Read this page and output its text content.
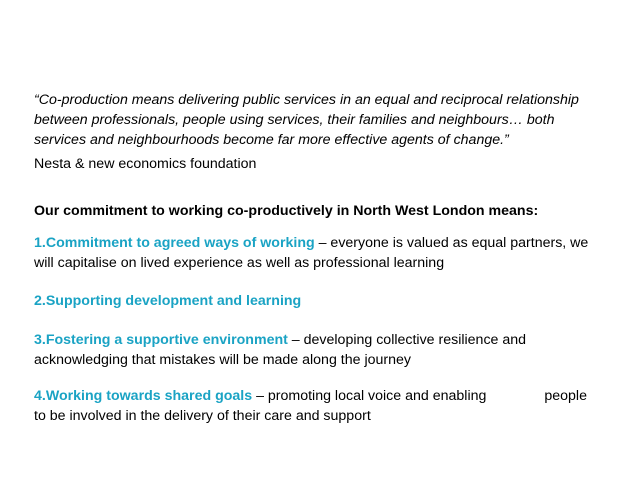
“Co-production means delivering public services in an equal and reciprocal relationship
between professionals, people using services, their families and neighbours… both
services and neighbourhoods become far more effective agents of change.”

Nesta & new economics foundation

Our commitment to working co-productively in North West London means:

1.Commitment to agreed ways of working – everyone is valued as equal partners, we
will capitalise on lived experience as well as professional learning

2.Supporting development and learning

3.Fostering a supportive environment – developing collective resilience and
acknowledging that mistakes will be made along the journey

4.Working towards shared goals – promoting local voice and enabling	people
to be involved in the delivery of their care and support
